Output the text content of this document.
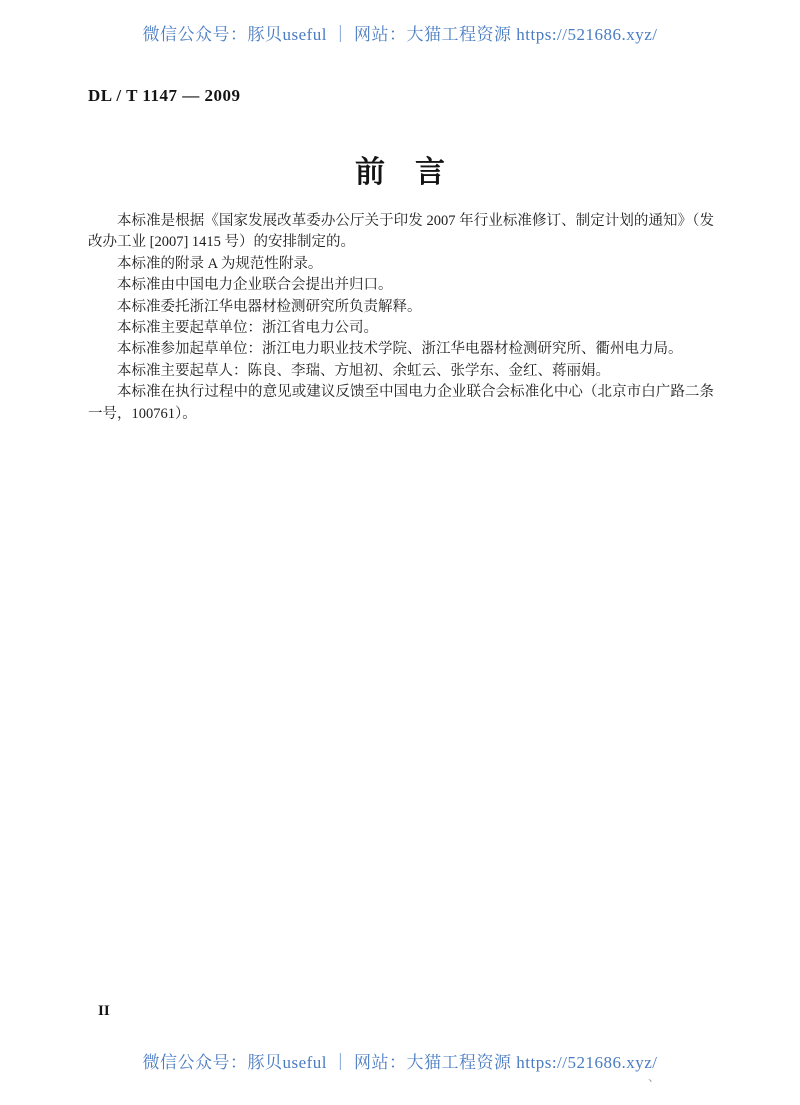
微信公众号：豚贝useful ｜ 网站：大猫工程资源 https://521686.xyz/
DL / T 1147 — 2009
前　言

本标准是根据《国家发展改革委办公厅关于印发 2007 年行业标准修订、制定计划的通知》（发改办工业 [2007] 1415 号）的安排制定的。

本标准的附录 A 为规范性附录。

本标准由中国电力企业联合会提出并归口。

本标准委托浙江华电器材检测研究所负责解释。

本标准主要起草单位：浙江省电力公司。

本标准参加起草单位：浙江电力职业技术学院、浙江华电器材检测研究所、衢州电力局。

本标准主要起草人：陈良、李瑞、方旭初、余虹云、张学东、金红、蒋丽娟。

本标准在执行过程中的意见或建议反馈至中国电力企业联合会标准化中心（北京市白广路二条一号，100761）。

II
微信公众号：豚贝useful ｜ 网站：大猫工程资源 https://521686.xyz/
、
